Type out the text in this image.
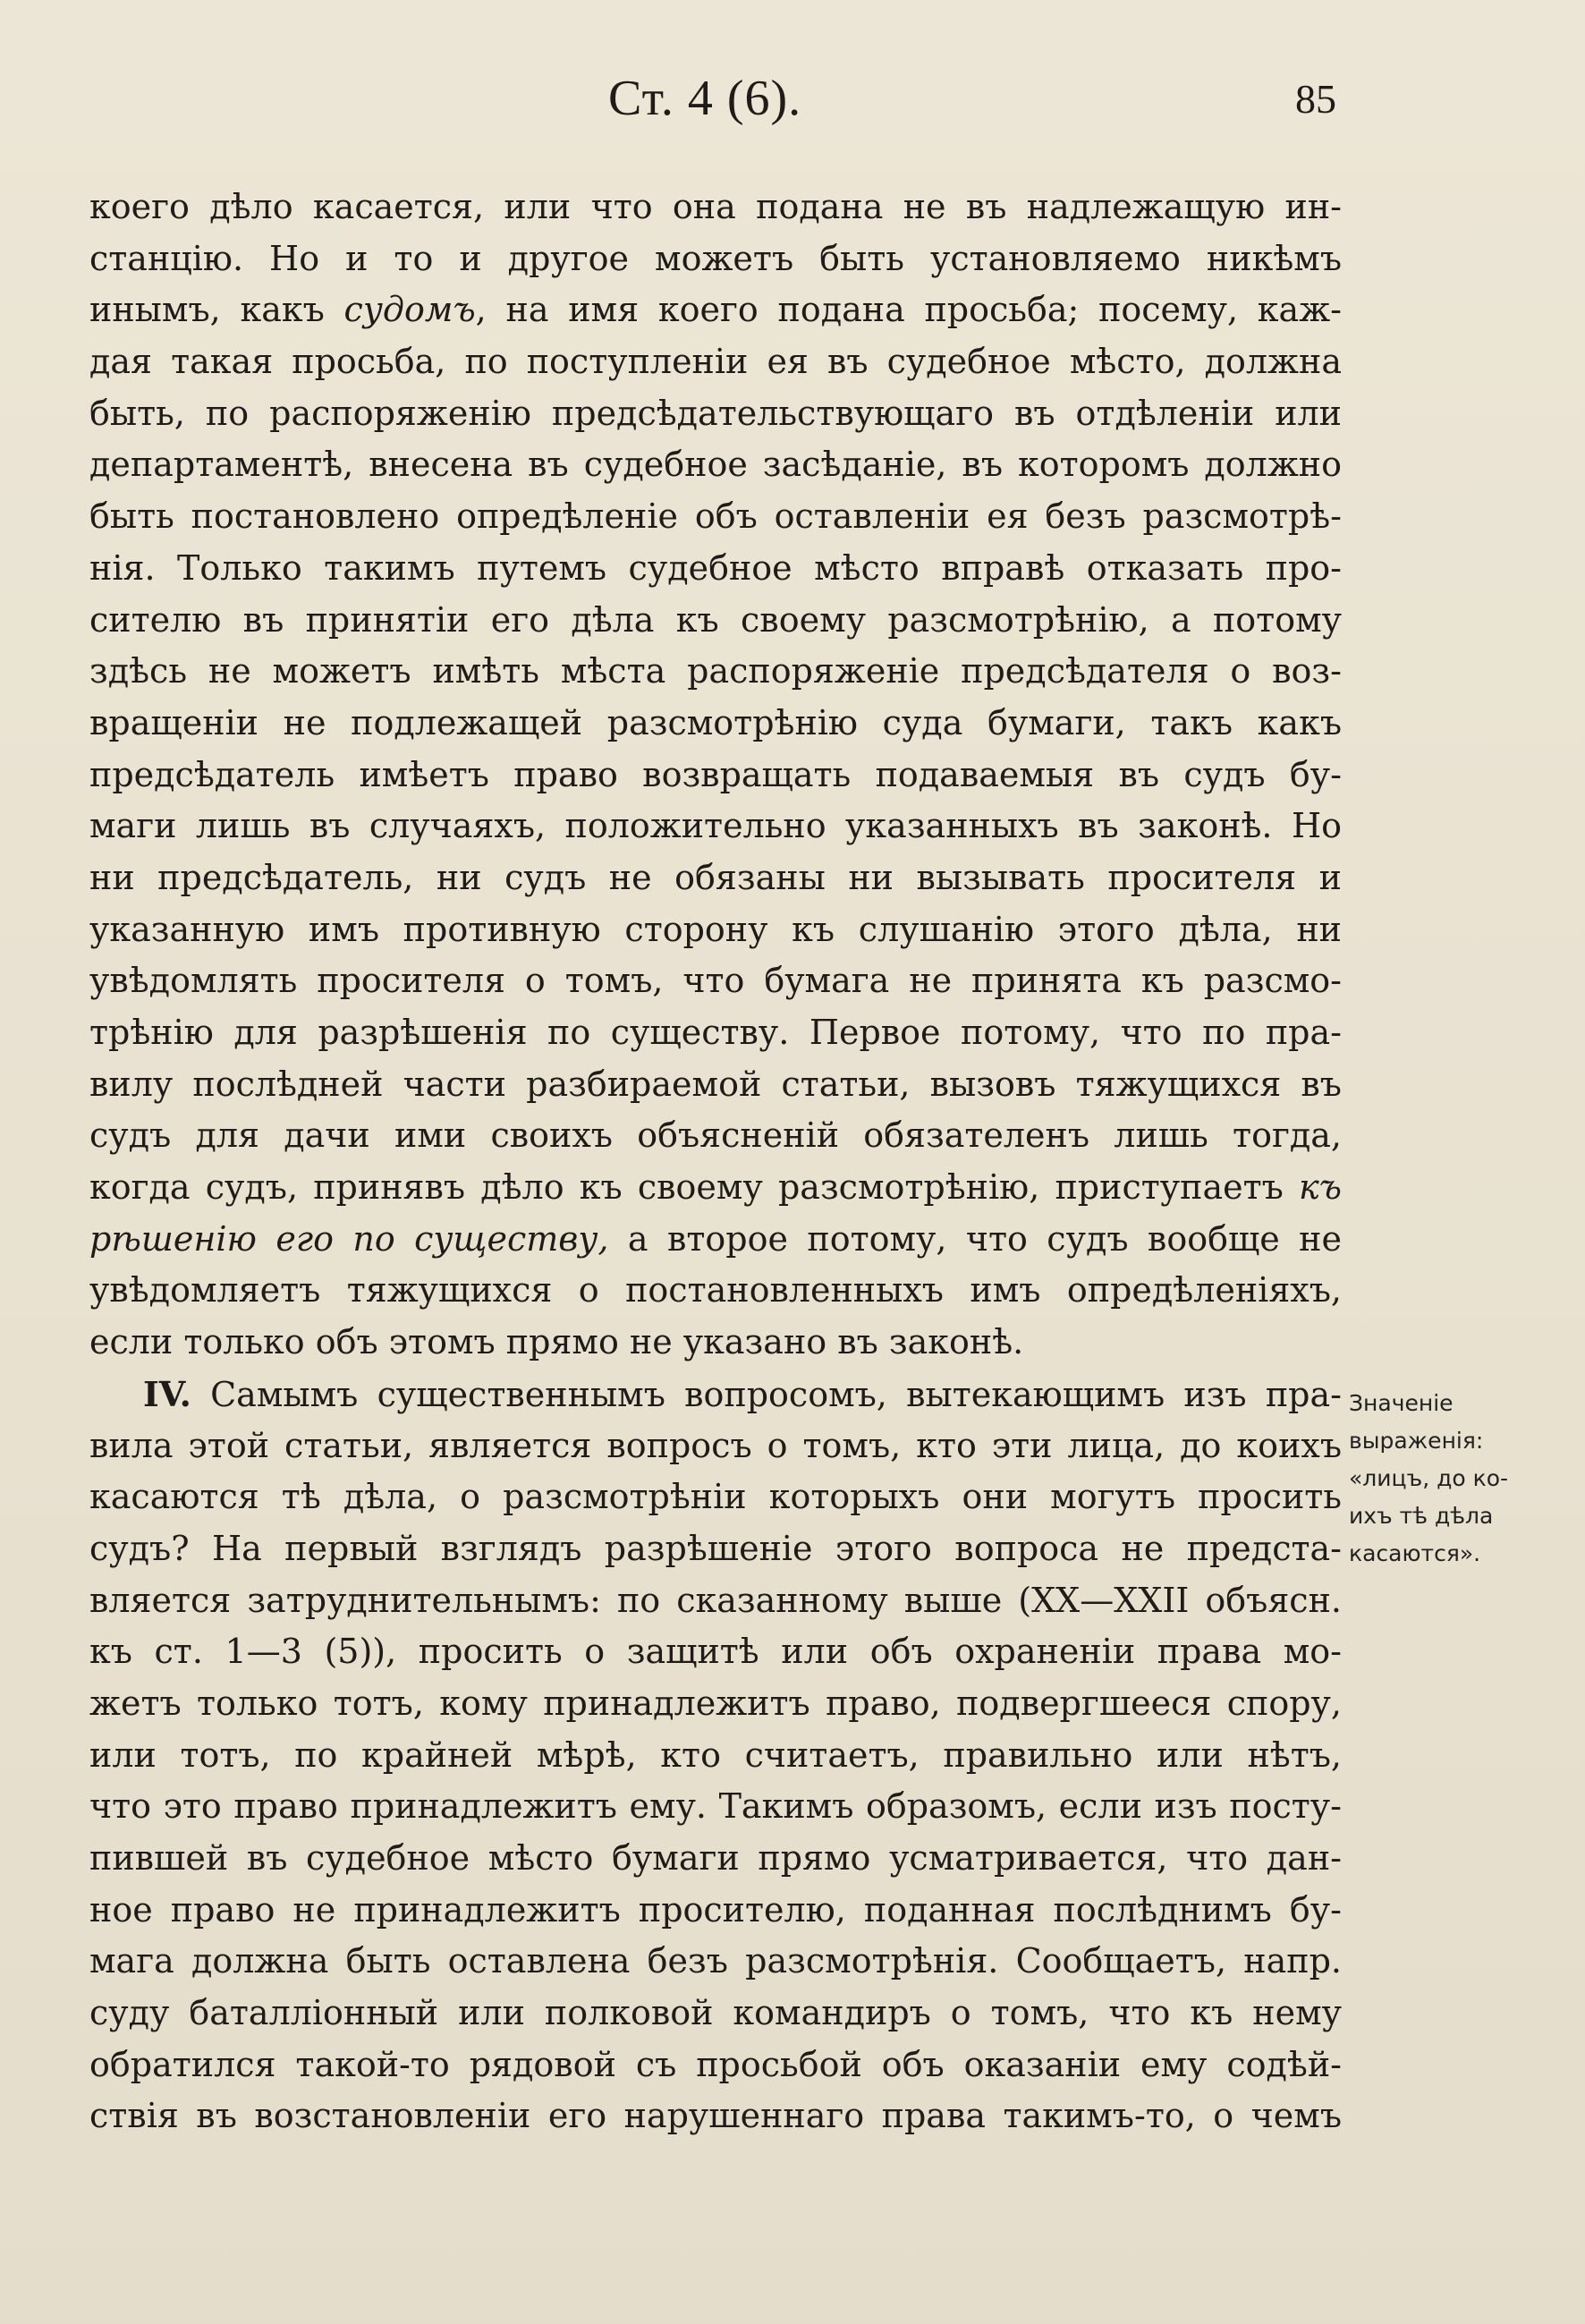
Ст. 4 (6).	85
коего дѣло касается, или что она подана не въ надлежащую ин-
станцію. Но и то и другое можетъ быть установляемо никѣмъ
инымъ, какъ судомъ, на имя коего подана просьба; посему, каж-
дая такая просьба, по поступленіи ея въ судебное мѣсто, должна
быть, по распоряженію предсѣдательствующаго въ отдѣленіи или
департаментѣ, внесена въ судебное засѣданіе, въ которомъ должно
быть постановлено опредѣленіе объ оставленіи ея безъ разсмотрѣ-
нія. Только такимъ путемъ судебное мѣсто вправѣ отказать про-
сителю въ принятіи его дѣла къ своему разсмотрѣнію, а потому
здѣсь не можетъ имѣть мѣста распоряженіе предсѣдателя о воз-
вращеніи не подлежащей разсмотрѣнію суда бумаги, такъ какъ
предсѣдатель имѣетъ право возвращать подаваемыя въ судъ бу-
маги лишь въ случаяхъ, положительно указанныхъ въ законѣ. Но
ни предсѣдатель, ни судъ не обязаны ни вызывать просителя и
указанную имъ противную сторону къ слушанію этого дѣла, ни
увѣдомлять просителя о томъ, что бумага не принята къ разсмо-
трѣнію для разрѣшенія по существу. Первое потому, что по пра-
вилу послѣдней части разбираемой статьи, вызовъ тяжущихся въ
судъ для дачи ими своихъ объясненій обязателенъ лишь тогда,
когда судъ, принявъ дѣло къ своему разсмотрѣнію, приступаетъ къ
рѣшенію его по существу, а второе потому, что судъ вообще не
увѣдомляетъ тяжущихся о постановленныхъ имъ опредѣленіяхъ,
если только объ этомъ прямо не указано въ законѣ.
IV. Самымъ существеннымъ вопросомъ, вытекающимъ изъ пра-
вила этой статьи, является вопросъ о томъ, кто эти лица, до коихъ
касаются тѣ дѣла, о разсмотрѣніи которыхъ они могутъ просить
судъ? На первый взглядъ разрѣшеніе этого вопроса не предста-
вляется затруднительнымъ: по сказанному выше (XX—XXII объясн.
къ ст. 1—3 (5)), просить о защитѣ или объ охраненіи права мо-
жетъ только тотъ, кому принадлежитъ право, подвергшееся спору,
или тотъ, по крайней мѣрѣ, кто считаетъ, правильно или нѣтъ,
что это право принадлежитъ ему. Такимъ образомъ, если изъ посту-
пившей въ судебное мѣсто бумаги прямо усматривается, что дан-
ное право не принадлежитъ просителю, поданная послѣднимъ бу-
мага должна быть оставлена безъ разсмотрѣнія. Сообщаетъ, напр.
суду баталліонный или полковой командиръ о томъ, что къ нему
обратился такой-то рядовой съ просьбой объ оказаніи ему содѣй-
ствія въ возстановленіи его нарушеннаго права такимъ-то, о чемъ
Значеніе
выраженія:
«лицъ, до ко-
ихъ тѣ дѣла
касаются».
